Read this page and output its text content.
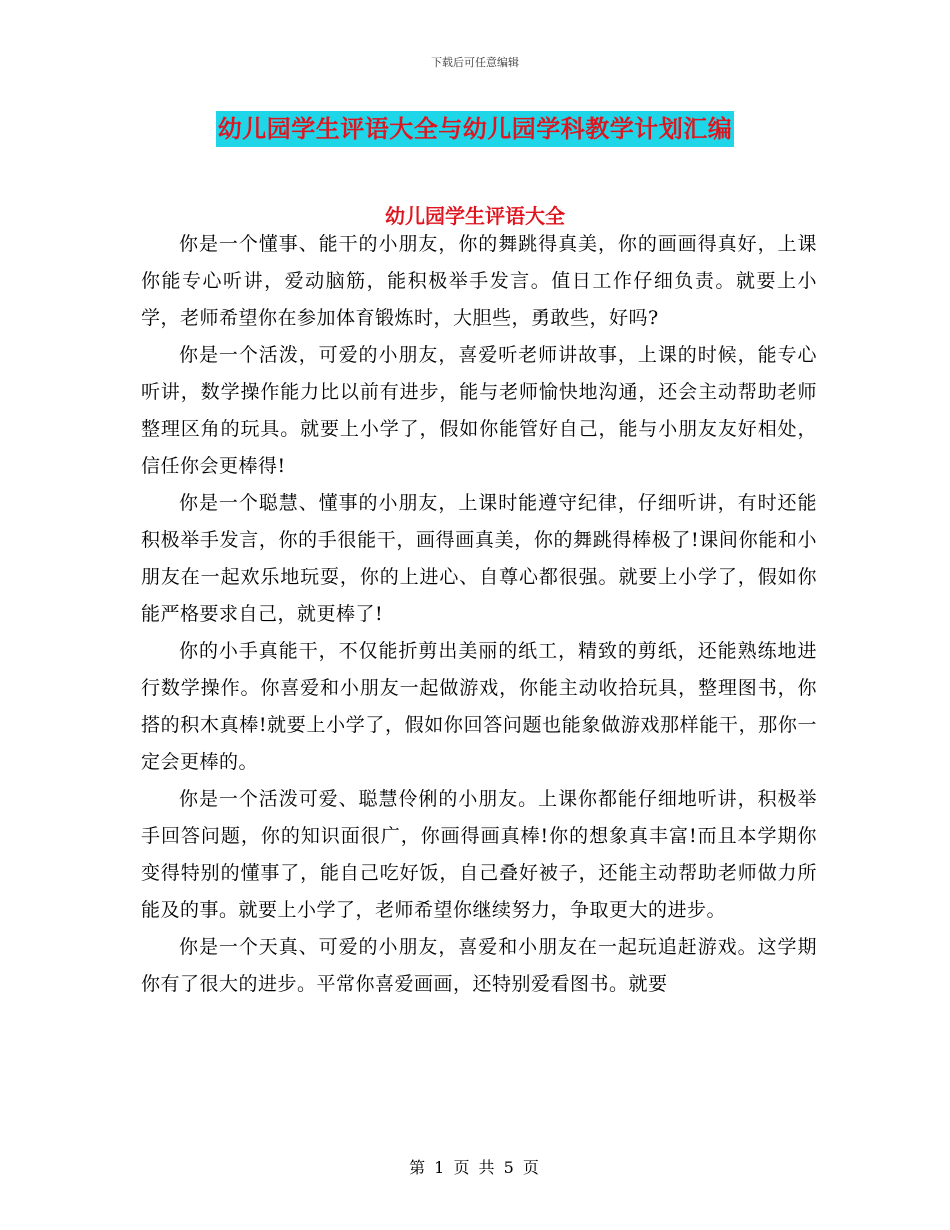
下载后可任意编辑
幼儿园学生评语大全与幼儿园学科教学计划汇编
幼儿园学生评语大全

你是一个懂事、能干的小朋友，你的舞跳得真美，你的画画得真好，上课你能专心听讲，爱动脑筋，能积极举手发言。值日工作仔细负责。就要上小学，老师希望你在参加体育锻炼时，大胆些，勇敢些，好吗?

你是一个活泼，可爱的小朋友，喜爱听老师讲故事，上课的时候，能专心听讲，数学操作能力比以前有进步，能与老师愉快地沟通，还会主动帮助老师整理区角的玩具。就要上小学了，假如你能管好自己，能与小朋友友好相处，信任你会更棒得!

你是一个聪慧、懂事的小朋友，上课时能遵守纪律，仔细听讲，有时还能积极举手发言，你的手很能干，画得画真美，你的舞跳得棒极了!课间你能和小朋友在一起欢乐地玩耍，你的上进心、自尊心都很强。就要上小学了，假如你能严格要求自己，就更棒了!

你的小手真能干，不仅能折剪出美丽的纸工，精致的剪纸，还能熟练地进行数学操作。你喜爱和小朋友一起做游戏，你能主动收拾玩具，整理图书，你搭的积木真棒!就要上小学了，假如你回答问题也能象做游戏那样能干，那你一定会更棒的。

你是一个活泼可爱、聪慧伶俐的小朋友。上课你都能仔细地听讲，积极举手回答问题，你的知识面很广，你画得画真棒!你的想象真丰富!而且本学期你变得特别的懂事了，能自己吃好饭，自己叠好被子，还能主动帮助老师做力所能及的事。就要上小学了，老师希望你继续努力，争取更大的进步。

你是一个天真、可爱的小朋友，喜爱和小朋友在一起玩追赶游戏。这学期你有了很大的进步。平常你喜爱画画，还特别爱看图书。就要

第 1 页 共 5 页
